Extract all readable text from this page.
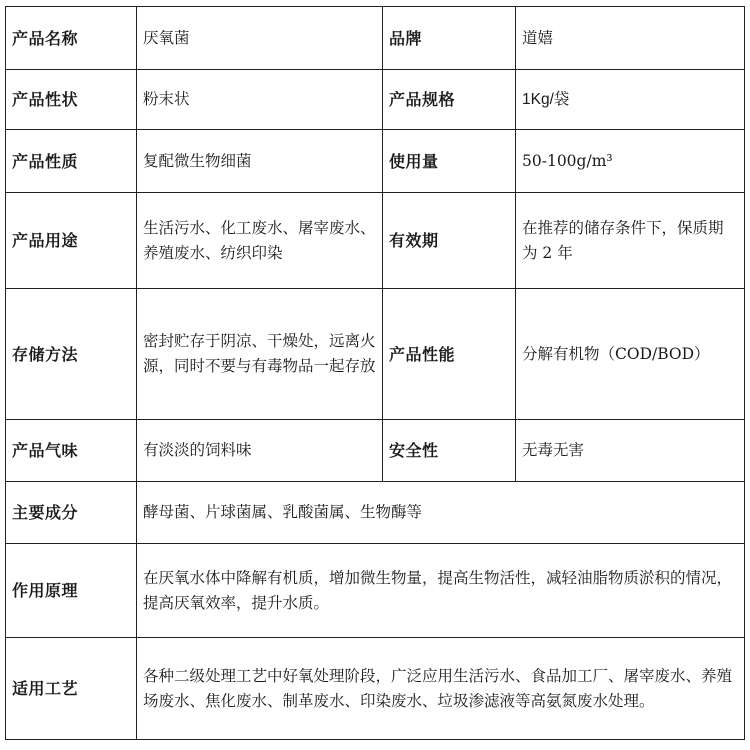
产品名称	厌氧菌	品牌	道嬉
产品性状	粉末状	产品规格	1Kg/袋
产品性质	复配微生物细菌	使用量	50-100g/m³
产品用途	生活污水、化工废水、屠宰废水、养殖废水、纺织印染	有效期	在推荐的储存条件下，保质期为 2 年
存储方法	密封贮存于阴凉、干燥处，远离火源，同时不要与有毒物品一起存放	产品性能	分解有机物（COD/BOD）
产品气味	有淡淡的饲料味	安全性	无毒无害
主要成分	酵母菌、片球菌属、乳酸菌属、生物酶等		
作用原理	在厌氧水体中降解有机质，增加微生物量，提高生物活性，减轻油脂物质淤积的情况，提高厌氧效率，提升水质。		
适用工艺	各种二级处理工艺中好氧处理阶段，广泛应用生活污水、食品加工厂、屠宰废水、养殖场废水、焦化废水、制革废水、印染废水、垃圾渗滤液等高氨氮废水处理。		
